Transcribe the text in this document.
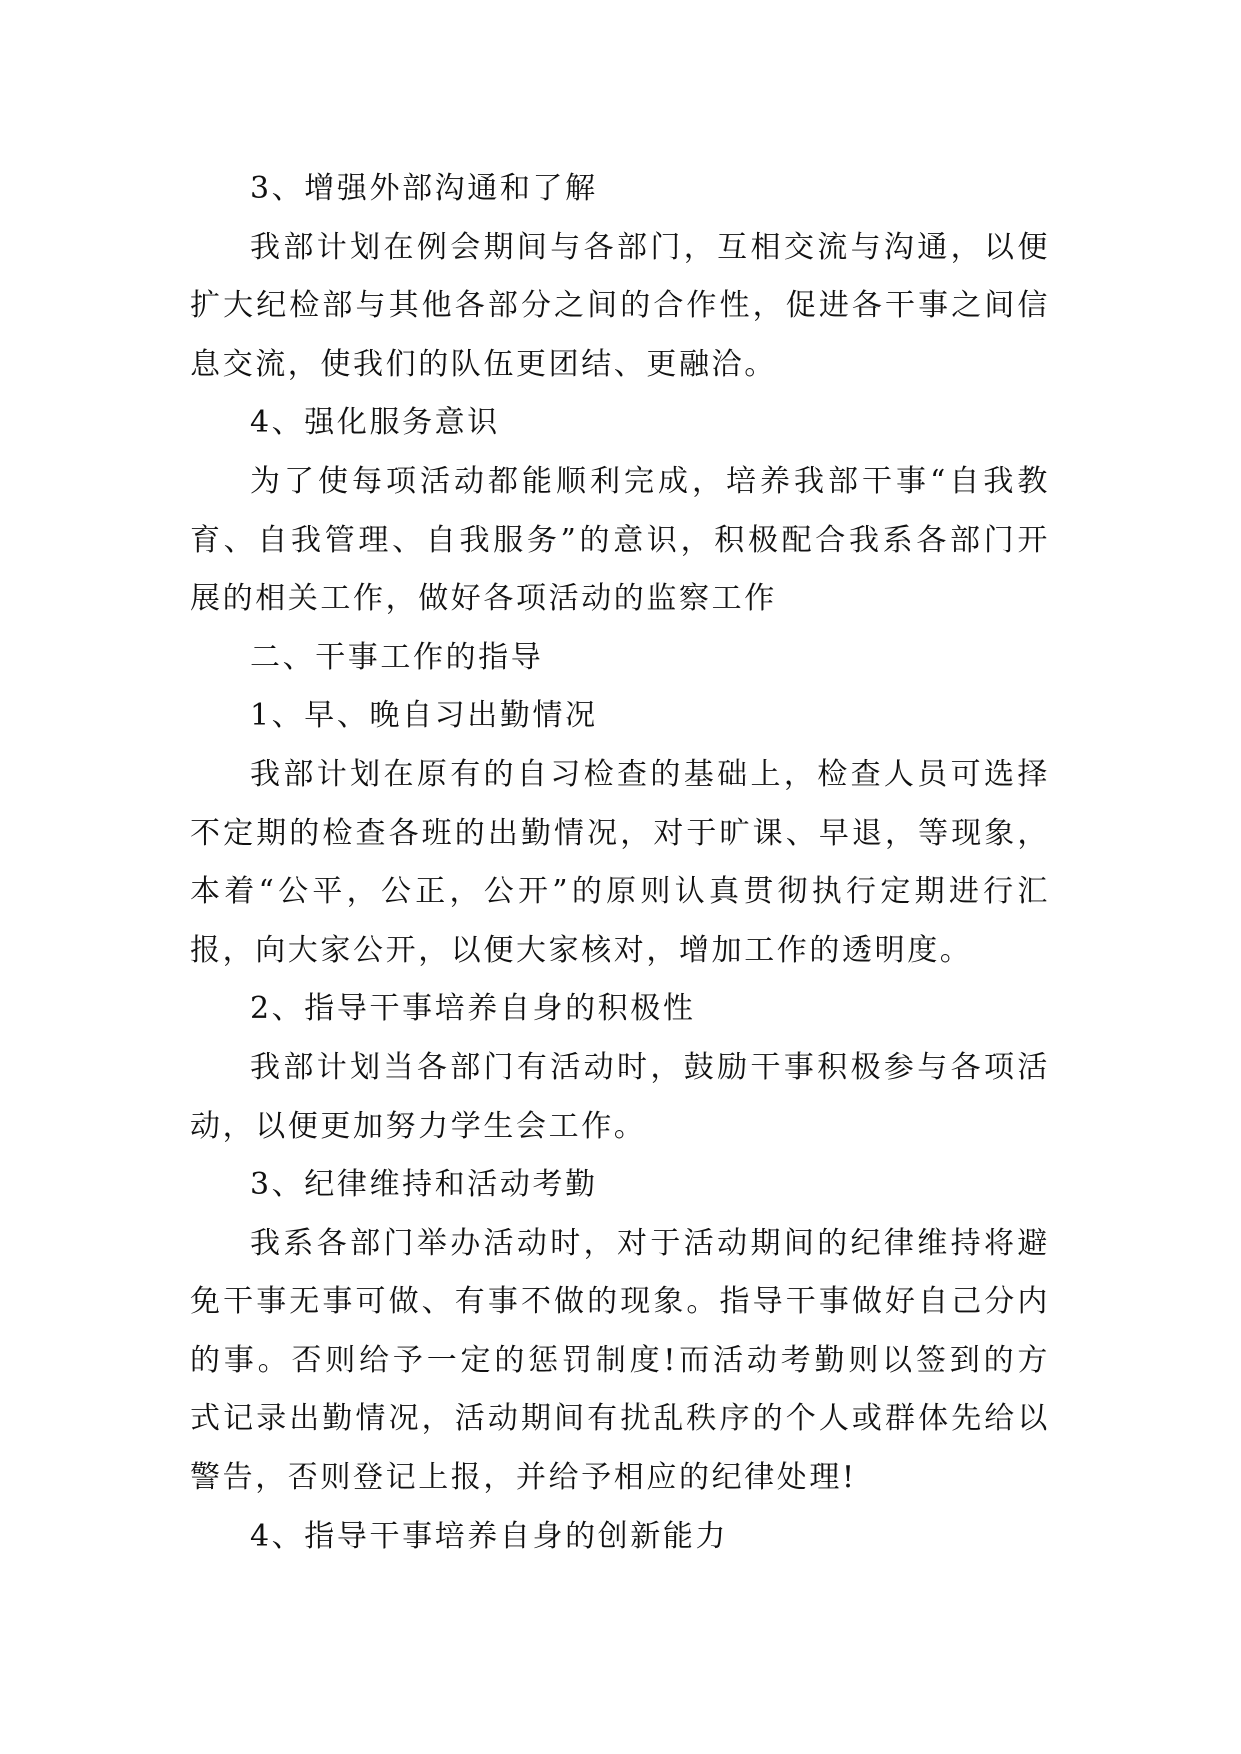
3、增强外部沟通和了解

我部计划在例会期间与各部门，互相交流与沟通，以便扩大纪检部与其他各部分之间的合作性，促进各干事之间信息交流，使我们的队伍更团结、更融洽。

4、强化服务意识

为了使每项活动都能顺利完成，培养我部干事“自我教育、自我管理、自我服务”的意识，积极配合我系各部门开展的相关工作，做好各项活动的监察工作

二、干事工作的指导

1、早、晚自习出勤情况

我部计划在原有的自习检查的基础上，检查人员可选择不定期的检查各班的出勤情况，对于旷课、早退，等现象，本着“公平，公正，公开”的原则认真贯彻执行定期进行汇报，向大家公开，以便大家核对，增加工作的透明度。

2、指导干事培养自身的积极性

我部计划当各部门有活动时，鼓励干事积极参与各项活动，以便更加努力学生会工作。

3、纪律维持和活动考勤

我系各部门举办活动时，对于活动期间的纪律维持将避免干事无事可做、有事不做的现象。指导干事做好自己分内的事。否则给予一定的惩罚制度!而活动考勤则以签到的方式记录出勤情况，活动期间有扰乱秩序的个人或群体先给以警告，否则登记上报，并给予相应的纪律处理!

4、指导干事培养自身的创新能力
